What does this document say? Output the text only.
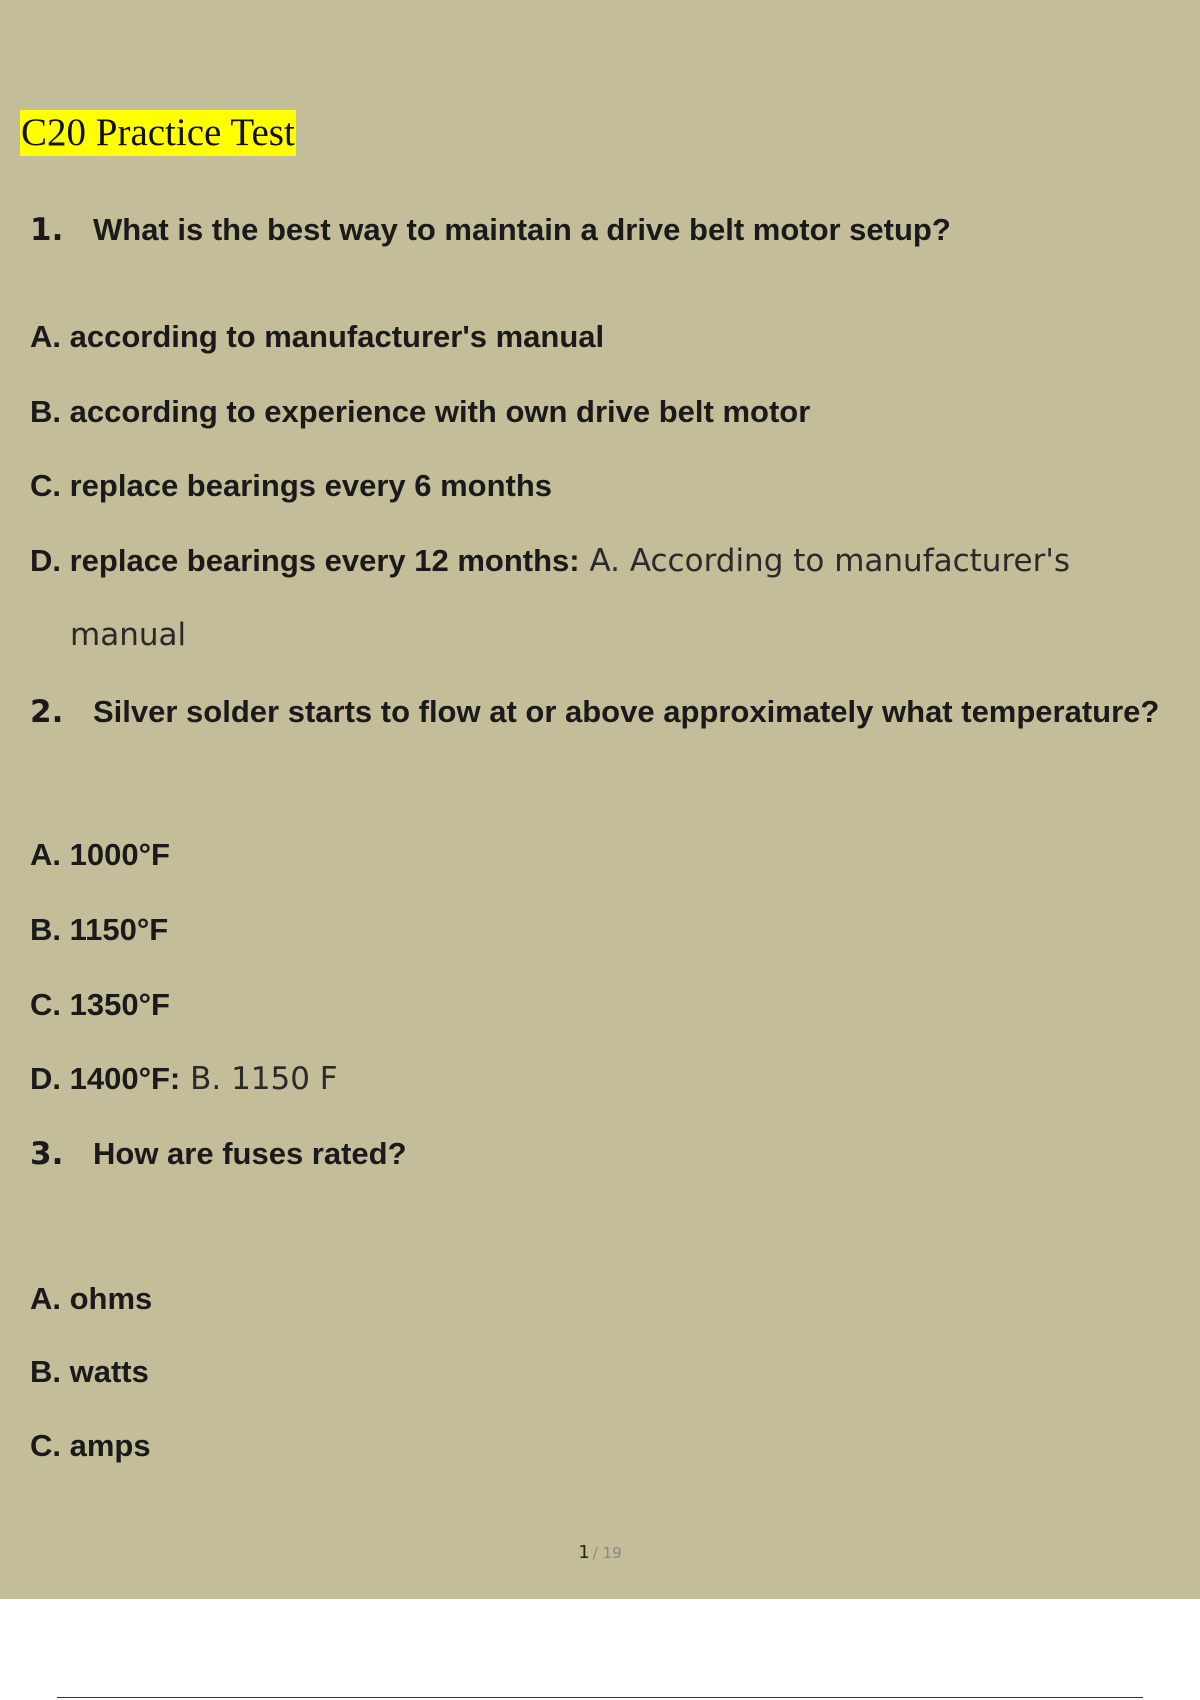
C20 Practice Test
1. What is the best way to maintain a drive belt motor setup?
A. according to manufacturer's manual
B. according to experience with own drive belt motor
C. replace bearings every 6 months
D. replace bearings every 12 months: A. According to manufacturer's
manual
2. Silver solder starts to flow at or above approximately what temperature?
A. 1000°F
B. 1150°F
C. 1350°F
D. 1400°F: B. 1150 F
3. How are fuses rated?
A. ohms
B. watts
C. amps
1 / 19
